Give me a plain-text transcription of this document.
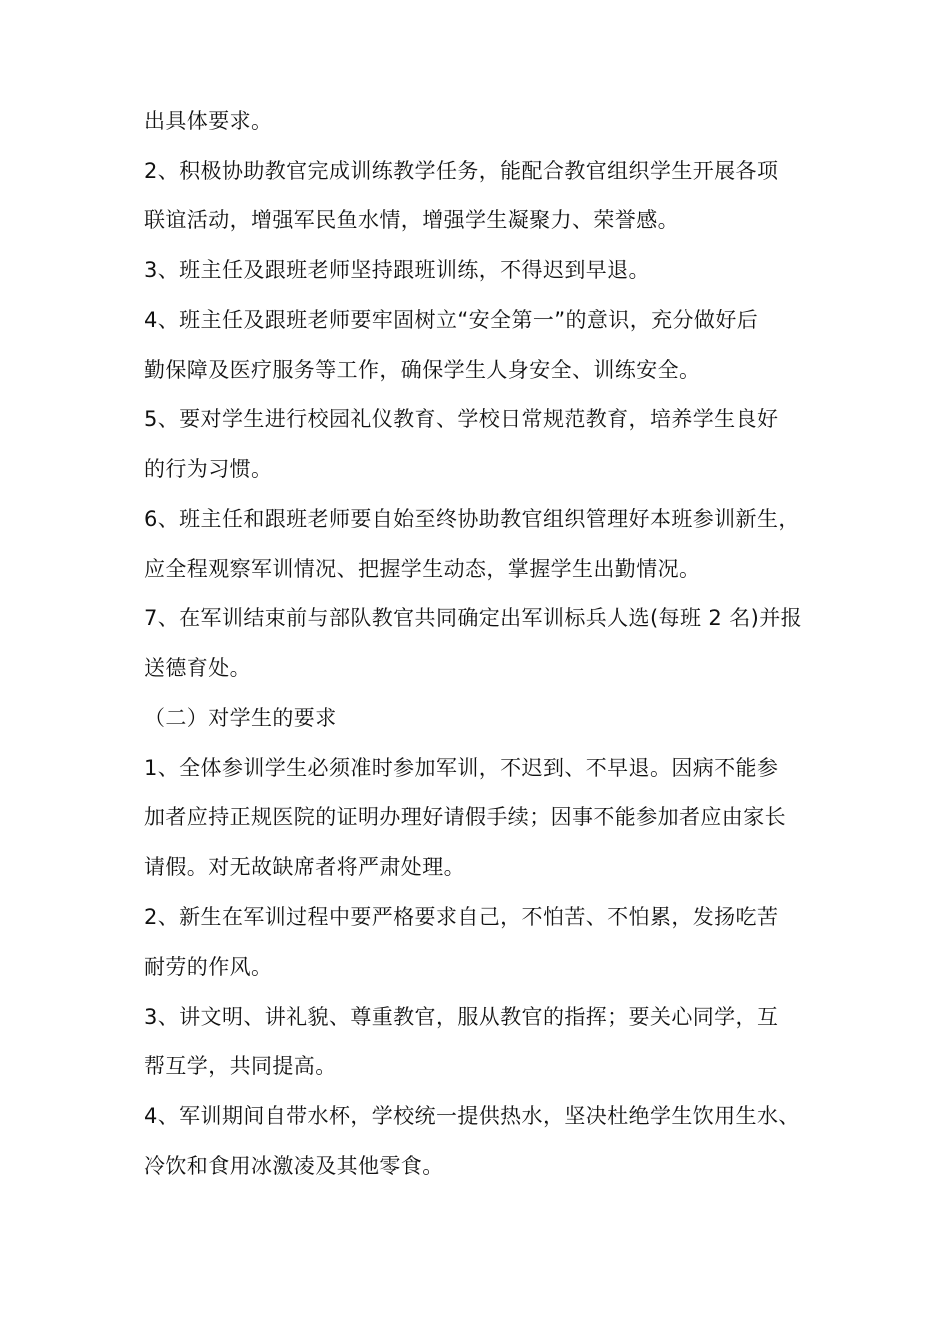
出具体要求。
2、积极协助教官完成训练教学任务，能配合教官组织学生开展各项
联谊活动，增强军民鱼水情，增强学生凝聚力、荣誉感。
3、班主任及跟班老师坚持跟班训练，不得迟到早退。
4、班主任及跟班老师要牢固树立“安全第一”的意识，充分做好后
勤保障及医疗服务等工作，确保学生人身安全、训练安全。
5、要对学生进行校园礼仪教育、学校日常规范教育，培养学生良好
的行为习惯。
6、班主任和跟班老师要自始至终协助教官组织管理好本班参训新生，
应全程观察军训情况、把握学生动态，掌握学生出勤情况。
7、在军训结束前与部队教官共同确定出军训标兵人选(每班 2 名)并报
送德育处。
（二）对学生的要求
1、全体参训学生必须准时参加军训，不迟到、不早退。因病不能参
加者应持正规医院的证明办理好请假手续；因事不能参加者应由家长
请假。对无故缺席者将严肃处理。
2、新生在军训过程中要严格要求自己，不怕苦、不怕累，发扬吃苦
耐劳的作风。
3、讲文明、讲礼貌、尊重教官，服从教官的指挥；要关心同学，互
帮互学，共同提高。
4、军训期间自带水杯，学校统一提供热水，坚决杜绝学生饮用生水、
冷饮和食用冰激凌及其他零食。
